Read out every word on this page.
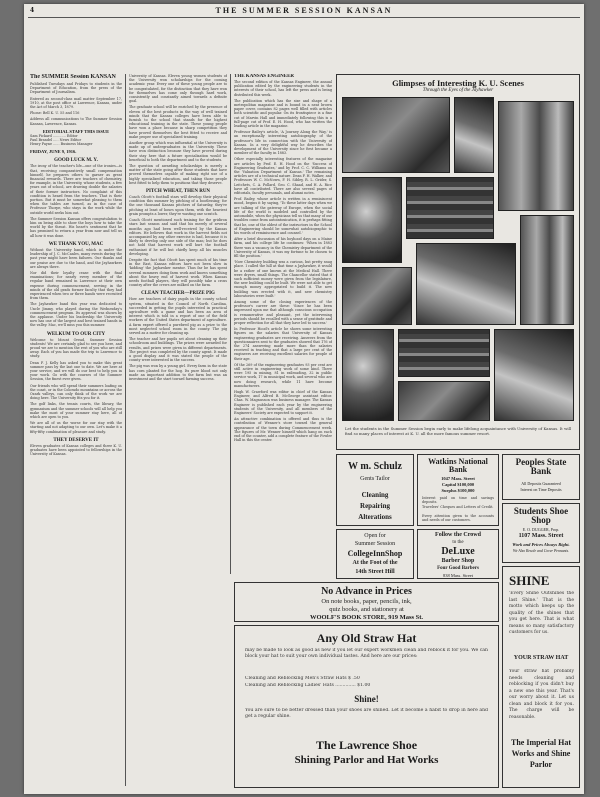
4	THE SUMMER SESSION KANSAN
The SUMMER Session KANSAN
Published Tuesdays and Fridays to students in the Department of Education, from the press of the Department of Journalism.
Entered as second-class mail matter September 17, 1910, at the post office at Lawrence, Kansas, under the Act of March 3, 1879.
Phone: Bell K. U. 55 and 116
Address all communications to The Summer Session Kansan, Lawrence, Kansas.
EDITORIAL STAFF THIS ISSUE
Sam Pickard ............ Editor
Paul Brandel ..... News Editor
Henry Payne ...... Business Manager
FRIDAY, JUNE 9, 1916.
GOOD LUCK M. Y.
The irony of the teacher's life—one of the ironies—is that, receiving comparatively small compensation himself, he prepares others to garner as great financial rewards. There are teachers of chemistry, for example, in the University, whose students, a few years out of school, are drawing double the salaries of their former instructors. No complaint of this condition is heard from the teachers. That is their portion. But it must be somewhat pleasing to them when the tables are turned, as in the case of Professor Thorpe, who stays in the work while the outside world seeks him out.
The Summer Session Kansan offers congratulation to him on being able to show the boys how to take the world by the throat. His heart's sentiment that he has promised to return a year from now and tell us all how it was done.
WE THANK YOU, MAC
Without the University band, which is under the leadership of J. C. McCanles, many events during the past year might have been failures. Our thanks and our praise are due to the band, and the Jayhawkers are always there.
Nor did their loyalty cease with the final examinations; for nearly every member of the regular band remained in Lawrence at their own expense during commencement, serving in the minds of the old grads former faculty that they had experienced when two or three bands were recruited from them.
The Jayhawker band this year was dedicated to Uncle Jimmy, who played during the Wednesday's commencement program. Its approval was shown by the applause. Under his leadership the University now has one of the largest and best trained bands in the valley. Mac, we'll miss you this summer.
WELKUM TO OUR CITY
Welcome to Mount Oread, Summer Session students! We are certainly glad to see you here, and proud we are to mention the rest of you who are still away. Each of you has made the trip to Lawrence to study.
Dean F. J. Kelly has asked you to make this great summer pass by the last one to date. We are here at your service, and we will do our best to help you in your work. Go with the courses of the Summer Session, the finest ever given.
Our friends who will spend their summers loafing on the coast, or in the Colorado mountains or across the Ozark valleys, can only think of the work we are doing here. The University fits you for it.
The golf links, the tennis courts, the library, the gymnasium and the summer schools will all help you make the most of your summer stay here, all of which are open to you.
We are all of us the worse for our stay with the starting and not adapting to our own. Let's make it a fifty-fifty combination of pleasure and study.
THEY DESERVE IT
Eleven graduates of Kansas colleges and three K. U. graduates have been appointed to fellowships in the University of Kansas.
University of Kansas. Eleven young women students of the University won scholarships for the coming academic year. Every one of these young people are to be congratulated, for the distinction that they have won for themselves has come only through hard work, consistently and constantly aimed towards a definite goal.
The graduate school will be enriched by the presence of eleven of the best products in the way of well trained minds that the Kansas colleges have been able to furnish to the school that stands for the highest educational training in the state. These young people have won a place because in sharp competition they have proved themselves the best fitted to receive and make proper use of specialized training.
Another group which was influential at the University is made up of undergraduates in the University. These have won distinction because they have proved during their stay here that a future specialization would be beneficial to both the department and to the students.
The question of awarding scholarships is merely a matter of the state going after those students that have proved themselves capable of making right use of a highly specialized education, and taking those people best fitted to help them to positions that they deserve.
PITCH WHEAT, THEN RUN
Coach Olcott's football stars will develop their physical condition this summer by pitching of a bootlessing; for the one thousand Kansas pitchers of Saturday, they're pitching at least of hours upon them, with the heaviest grain prompts a lower, they're wasting one scratch.
Coach Olcott mentioned such training for the gridiron stars last season and said that his merely of several months ago had been well-received by the Kansas editors. He believes that work in the harvest fields not accompanied by any other exercise is bad, because it is likely to develop only one side of the man; but he does not hold that harvest work will hurt the football enthusiast if he will but chiefly keep all his muscles developing.
Despite the fact that Olcott has spent much of his time in the East, Kansas editors have not been slow in 'kidding' the Jayhawker mentor. Thus far he has spent several summers doing farm work and knows something about the heavy end of harvest work. When Kansas needs football players, they will possibly take a cross country after the crews are milked on the farm.
CLEAN TEACHER—PRIZE PIG
How are teachers of dairy pupils in the county school system, situated in the Council of North Carolina, succeeded in getting the pupils interested in practical agriculture with a game and has been an area of interest which is told in a report of one of the field workers of the United States department of agriculture. A farm expert offered a purebred pig as a prize to the most neglected school room in the county. The pig served as a motive for cleaning up.
The teacher and her pupils set about cleaning up their schoolroom and buildings. The prizes were awarded for results, and prizes were given in different departments. The project was completed by the county agent. It made a good display and it was stated the people of the county were interested in the success.
The pig was won by a young girl. Every farm in the state has corn planted for the hog. Its pure blood not only made an important addition to the farm but was an investment and the start toward farming success.
THE KANSAS ENGINEER
The second edition of the Kansas Engineer, the annual publication edited by the engineering students in the interests of their school, has left the press and is being distributed this week.
The publication which has the size and shape of a metropolitan magazine and is bound in a neat brown paper cover, contains 82 pages well filled with articles both scientific and popular. On its frontispiece is a fine cut of Marvin Hall and immediately following this is a full-page cut of Prof. E. H. Hood, who has written the leading article in the magazine.
Professor Bailey's article, 'A Journey Along the Way,' is an exceptionally interesting autobiography of the professor's life in connection with the University of Kansas. In a very delightful way he describes the development of the University since he first became a member of the faculty in 1883.
Other especially interesting features of the magazine are articles by Prof. E. H. Hood on the 'Success of Engineering Graduates,' and by Prof. C. C. Williams on the 'Valuation Department of Kansas.' The remaining articles are of a technical nature. Dean F. H. Walker, and Professors W. C. McNown, F. H. Sibley, R. L. Grider, S. Leitchets, C. A. Pollard, Geo. C. Shaad, and H. A. Rice have all contributed. There are also several pages of editorials, faculty personals, and alumni notes.
Prof. Bailey, whose article is written in a reminiscent mood, begins it by saying, 'To these latter days when we are talking of the gateway of Europe, when the social life of the world is modeled and controlled by the automobile, when the physicians tell us that many of our troubles come from autointoxication, it is perhaps fitting that he, one of the oldest of the instructors in the School of Engineering should be somewhat autobiographic to his words of reminiscence and counsel.'
After a brief discussion of his boyhood days on a Maine farm, and his college life he continues: 'When in 1883 there was a vacancy in the Chemistry department of the University of Kansas, it was my fortune to be chosen to fill the position.'
'Now Chemistry building was a curious, but pretty snug place. I called the hill at that time a Jayhawker, it would be a rather of one known at the Medical Hall. There were dryers, small things. The Chancellor stated that if such sufficient money were given from the legislature, the new building could be built. We were not able to get enough money appropriated to build it. The new building was erected with it, and new chemistry laboratories were built.'
Among some of the closing experiences of the professor's career are these: 'Since he has been impressed upon me that although conscious occupation is remunerative and pleasant, yet the intervening periods should be recalled with a sense of gratitude and proper reflection for all that they have led to success.'
In Professor Hood's article he shows some interesting figures on the salaries that University of Kansas engineering graduates are receiving. Answers from the questionnaires sent to the graduates showed that 176 of the 274 answering made more than the salaries received in teaching and that a large per cent of the engineers are receiving excellent salaries for people of their age.
Of the 269 of the engineering graduates 93 per cent are still active in engineering work of some kind. There were 195 in mining, 81 in railroading, 32 in public service work, 17 in municipal work, and several who are now doing research, while 11 have become manufacturers.
Hugh W. Crawford was editor in chief of the Kansas Engineer, and Alfred B. McGeorge assistant editor. Chas. W. Magnusson was business manager. The Kansas Engineer is published each year by the engineering students of the University, and all members of the Engineers' Society are expected to support it.
An attractive combination is offered and thus is the contribution of Wenner's store toward the general appearance of the town during Commencement week. The figures of Mr. Wenner himself which hang on each end of the counter, add a complete feature of the Fowler Hall in this the center.
Glimpses of Interesting K. U. Scenes
Through the Eyes of the Jayhawker
Let the students in the Summer Session begin early to make lifelong acquaintance with University of Kansas. It will find so many places of interest at K. U. all the more famous summer resort.
W m. Schulz
Gents Tailor
Cleaning
Repairing
Alterations
Watkins National Bank
1047 Mass. Street
Capital $100,000
Surplus $100,000
Interest paid on time and savings deposits.
Travelers' Cheques and Letters of Credit.
Every attention given to the accounts and needs of our customers.
Peoples State Bank
All Deposits Guaranteed
Interest on Time Deposits
Students Shoe Shop
E. O. DUGGER, Prop.
1107 Mass. Street
Work and Prices Always Right.
We Also Resole and Cover Pennants.
Open for
Summer Session
CollegeInnShop
At the Foot of the
14th Street Hill
Follow the Crowd
to the
DeLuxe
Barber Shop
Four Good Barbers
838 Mass. Street	SHINE
'Every Shine Outshines the last Shine.' That is the motto which keeps up the quality of the shines that you get here. That is what means so many satisfactory customers for us.
YOUR STRAW HAT
Your straw hat probably needs cleaning and reblocking if you didn't buy a new one this year. That's our worry about it. Let us clean and block it for you. The charge will be reasonable.
The Imperial Hat Works and Shine Parlor
No Advance in Prices
On note books, paper, pencils, ink,
quiz books, and stationery at
WOOLF'S BOOK STORE, 919 Mass St.
Any Old Straw Hat
may be made to look as good as new if you let our expert workmen clean and reblock it for you. We can block your hat to suit your own individual tastes. And here are our prices:
Cleaning and Reblocking Men's Straw Hats $ .50
Cleaning and Reblocking Ladies' Hats .............. $1.00
Shine!
You are sure to be better dressed than your shoes are shined. Let it become a habit to drop in here and get a regular shine.
The Lawrence Shoe
Shining Parlor and Hat Works
